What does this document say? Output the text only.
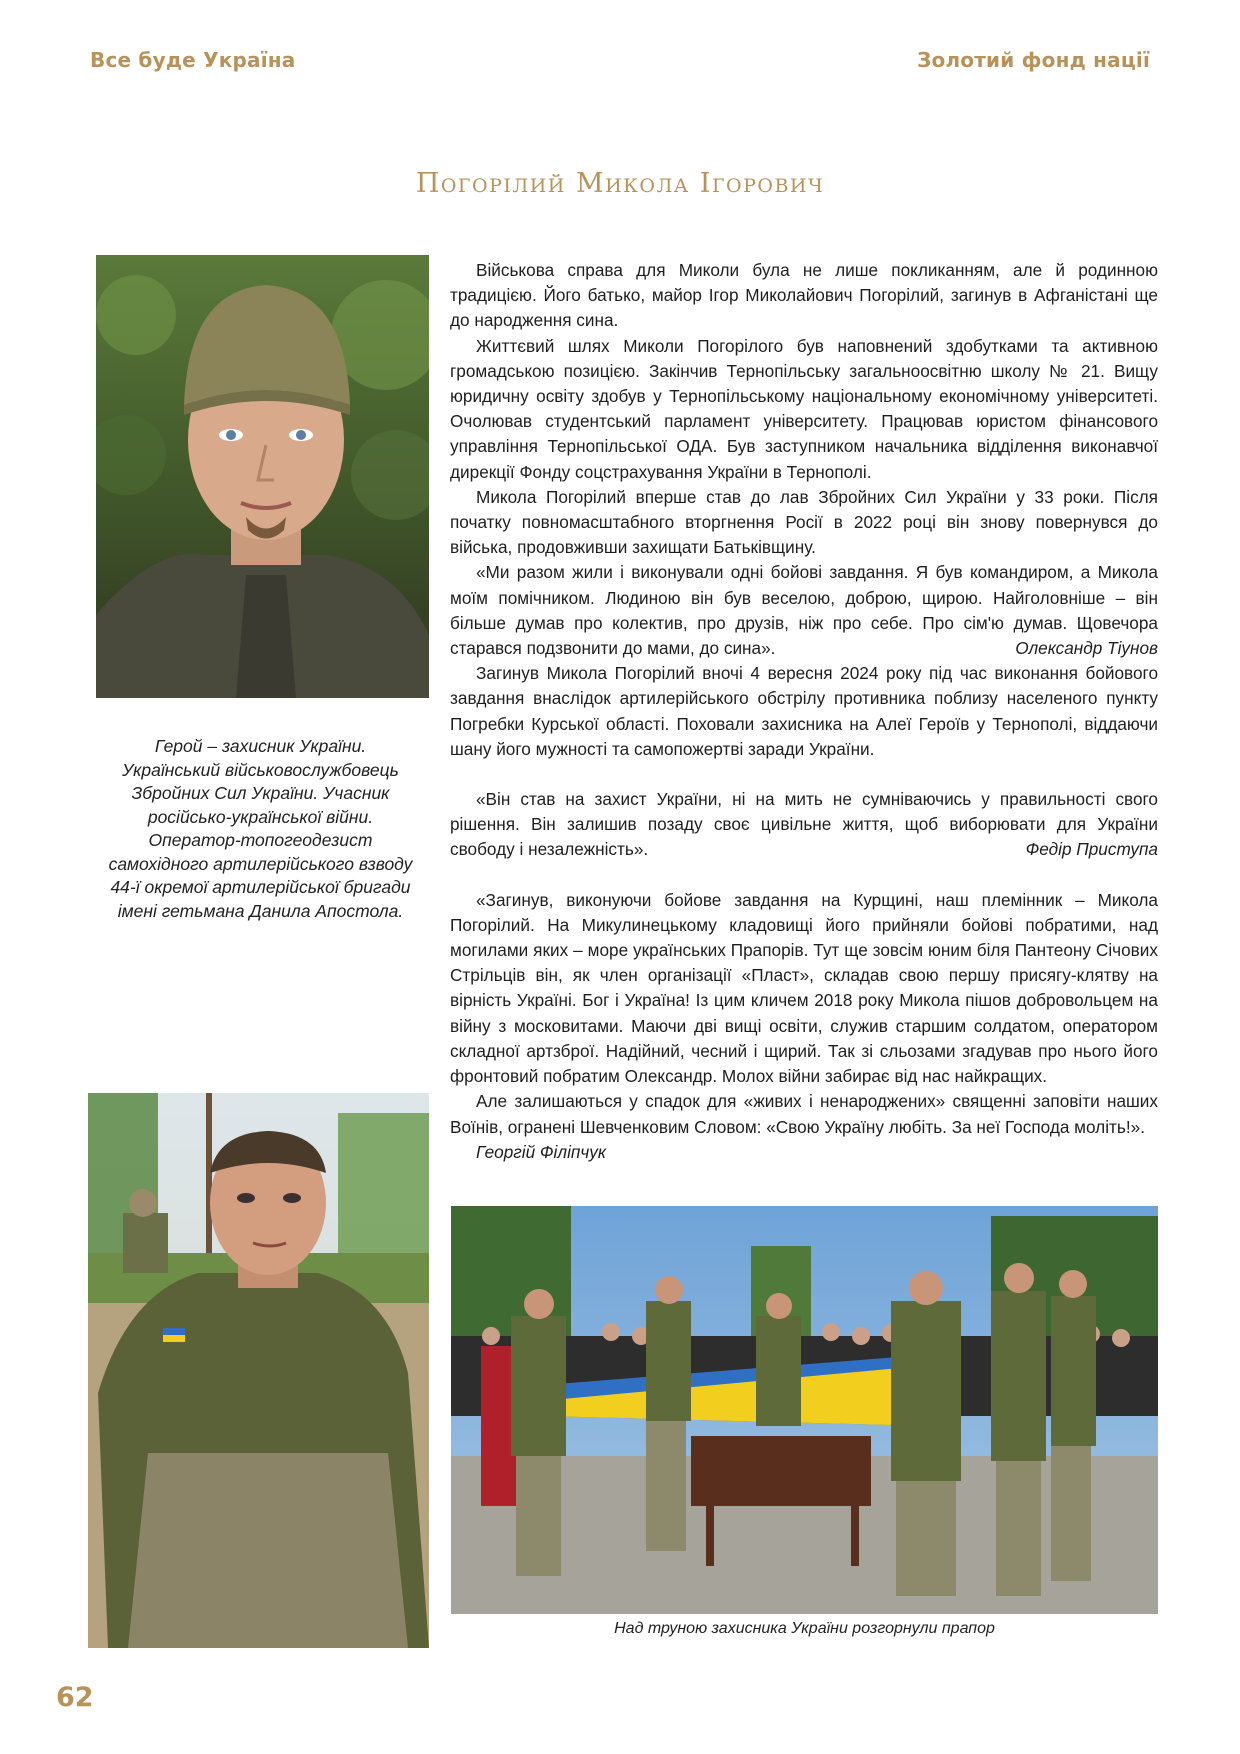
Все буде Україна	Золотий фонд нації
Погорілий Микола Ігорович
Герой – захисник України.
Український військовослужбовець
Збройних Сил України. Учасник
російсько-української війни.
Оператор-топогеодезист
самохідного артилерійського взводу
44-ї окремої артилерійської бригади
імені гетьмана Данила Апостола.

Військова справа для Миколи була не лише покликанням, але й родинною традицією. Його батько, майор Ігор Миколайович Погорілий, загинув в Афганістані ще до народження сина.

Життєвий шлях Миколи Погорілого був наповнений здобутками та активною громадською позицією. Закінчив Тернопільську загальноосвітню школу № 21. Вищу юридичну освіту здобув у Тернопільському національному економічному університеті. Очолював студентський парламент університету. Працював юристом фінансового управління Тернопільської ОДА. Був заступником начальника відділення виконавчої дирекції Фонду соцстрахування України в Тернополі.

Микола Погорілий вперше став до лав Збройних Сил України у 33 роки. Після початку повномасштабного вторгнення Росії в 2022 році він знову повернувся до війська, продовживши захищати Батьківщину.

«Ми разом жили і виконували одні бойові завдання. Я був командиром, а Микола моїм помічником. Людиною він був веселою, доброю, щирою. Найголовніше – він більше думав про колектив, про друзів, ніж про себе. Про сім'ю думав. Щовечора старався подзвонити до мами, до сина».	Олександр Тіунов

Загинув Микола Погорілий вночі 4 вересня 2024 року під час виконання бойового завдання внаслідок артилерійського обстрілу противника поблизу населеного пункту Погребки Курської області. Поховали захисника на Алеї Героїв у Тернополі, віддаючи шану його мужності та самопожертві заради України.

«Він став на захист України, ні на мить не сумніваючись у правильності свого рішення. Він залишив позаду своє цивільне життя, щоб виборювати для України свободу і незалежність».	Федір Приступа

«Загинув, виконуючи бойове завдання на Курщині, наш племінник – Микола Погорілий. На Микулинецькому кладовищі його прийняли бойові побратими, над могилами яких – море українських Прапорів. Тут ще зовсім юним біля Пантеону Січових Стрільців він, як член організації «Пласт», складав свою першу присягу-клятву на вірність Україні. Бог і Україна! Із цим кличем 2018 року Микола пішов добровольцем на війну з московитами. Маючи дві вищі освіти, служив старшим солдатом, оператором складної артзброї. Надійний, чесний і щирий. Так зі сльозами згадував про нього його фронтовий побратим Олександр. Молох війни забирає від нас найкращих.

Але залишаються у спадок для «живих і ненароджених» священні заповіти наших Воїнів, огранені Шевченковим Словом: «Свою Україну любіть. За неї Господа моліть!».

Георгій Філіпчук

Над труною захисника України розгорнули прапор
62
